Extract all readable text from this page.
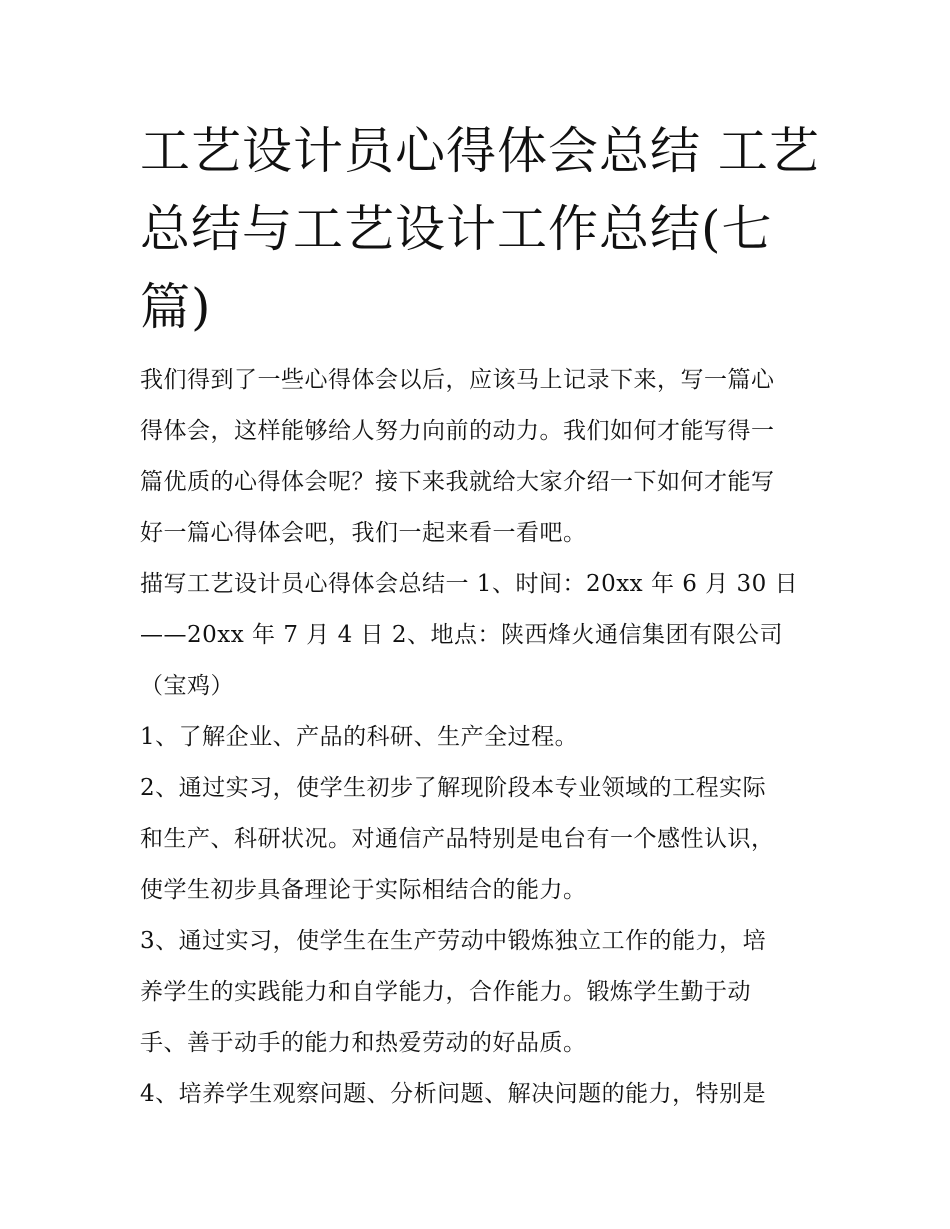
工艺设计员心得体会总结 工艺总结与工艺设计工作总结(七篇)

我们得到了一些心得体会以后，应该马上记录下来，写一篇心

得体会，这样能够给人努力向前的动力。我们如何才能写得一

篇优质的心得体会呢？接下来我就给大家介绍一下如何才能写

好一篇心得体会吧，我们一起来看一看吧。

描写工艺设计员心得体会总结一 1、时间：20xx 年 6 月 30 日

——20xx 年 7 月 4 日 2、地点：陕西烽火通信集团有限公司

（宝鸡）

1、了解企业、产品的科研、生产全过程。

2、通过实习，使学生初步了解现阶段本专业领域的工程实际

和生产、科研状况。对通信产品特别是电台有一个感性认识，

使学生初步具备理论于实际相结合的能力。

3、通过实习，使学生在生产劳动中锻炼独立工作的能力，培

养学生的实践能力和自学能力，合作能力。锻炼学生勤于动

手、善于动手的能力和热爱劳动的好品质。

4、培养学生观察问题、分析问题、解决问题的能力，特别是
